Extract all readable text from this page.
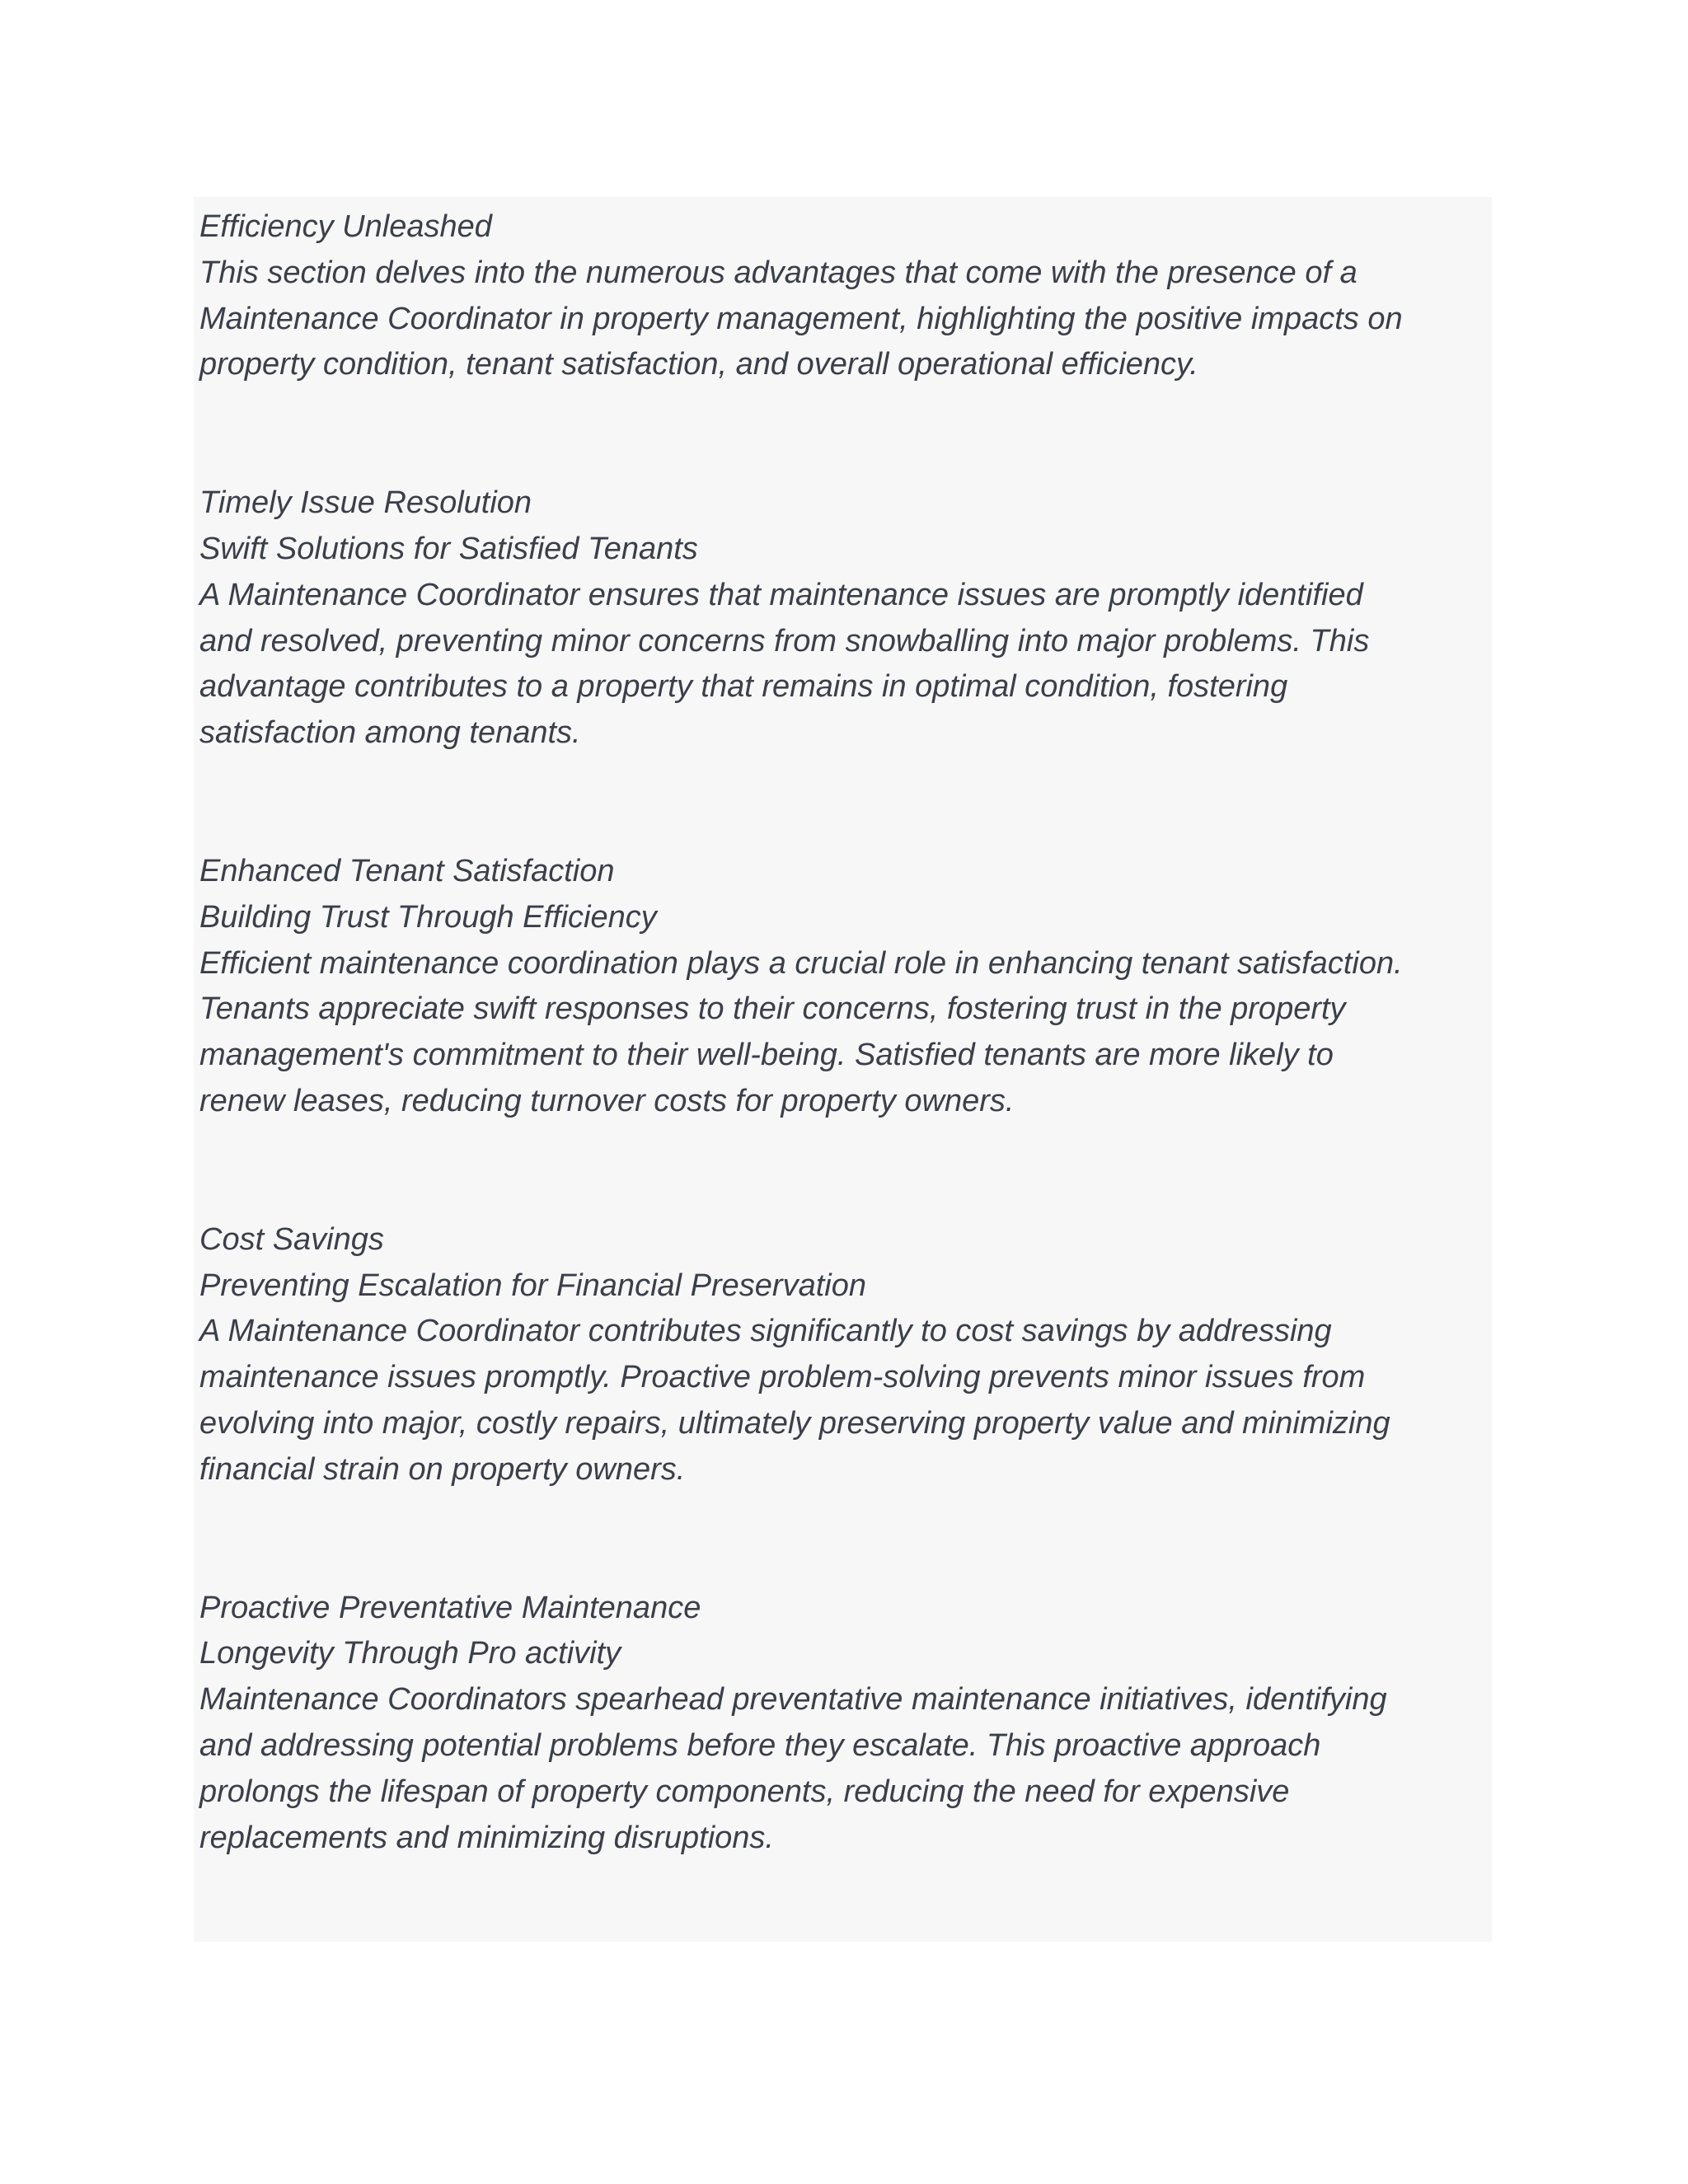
Efficiency Unleashed
This section delves into the numerous advantages that come with the presence of a
Maintenance Coordinator in property management, highlighting the positive impacts on
property condition, tenant satisfaction, and overall operational efficiency.
Timely Issue Resolution
Swift Solutions for Satisfied Tenants
A Maintenance Coordinator ensures that maintenance issues are promptly identified
and resolved, preventing minor concerns from snowballing into major problems. This
advantage contributes to a property that remains in optimal condition, fostering
satisfaction among tenants.
Enhanced Tenant Satisfaction
Building Trust Through Efficiency
Efficient maintenance coordination plays a crucial role in enhancing tenant satisfaction.
Tenants appreciate swift responses to their concerns, fostering trust in the property
management's commitment to their well-being. Satisfied tenants are more likely to
renew leases, reducing turnover costs for property owners.
Cost Savings
Preventing Escalation for Financial Preservation
A Maintenance Coordinator contributes significantly to cost savings by addressing
maintenance issues promptly. Proactive problem-solving prevents minor issues from
evolving into major, costly repairs, ultimately preserving property value and minimizing
financial strain on property owners.
Proactive Preventative Maintenance
Longevity Through Pro activity
Maintenance Coordinators spearhead preventative maintenance initiatives, identifying
and addressing potential problems before they escalate. This proactive approach
prolongs the lifespan of property components, reducing the need for expensive
replacements and minimizing disruptions.
